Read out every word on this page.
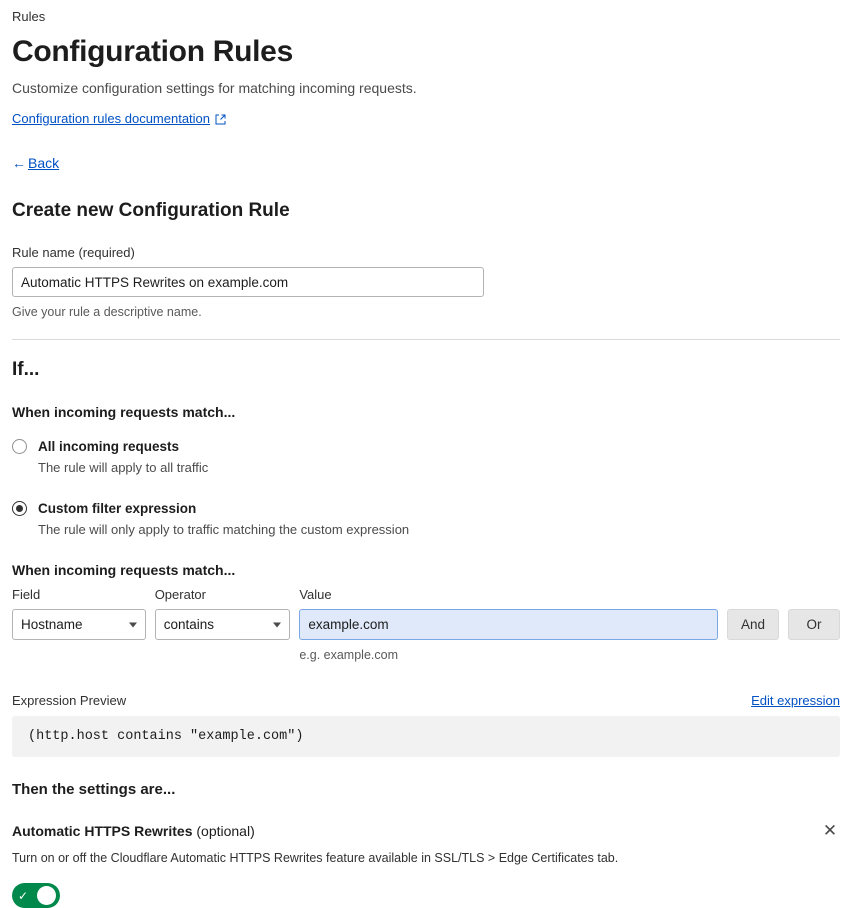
Rules
Configuration Rules
Customize configuration settings for matching incoming requests.
Configuration rules documentation
← Back
Create new Configuration Rule
Rule name (required)
Automatic HTTPS Rewrites on example.com
Give your rule a descriptive name.
If...
When incoming requests match...
All incoming requests
The rule will apply to all traffic
Custom filter expression
The rule will only apply to traffic matching the custom expression
When incoming requests match...
Field
Hostname
Operator
contains
Value
example.com
e.g. example.com
And	Or
Expression Preview	Edit expression
(http.host contains "example.com")
Then the settings are...
Automatic HTTPS Rewrites (optional)	✕
Turn on or off the Cloudflare Automatic HTTPS Rewrites feature available in SSL/TLS > Edge Certificates tab.
✓
